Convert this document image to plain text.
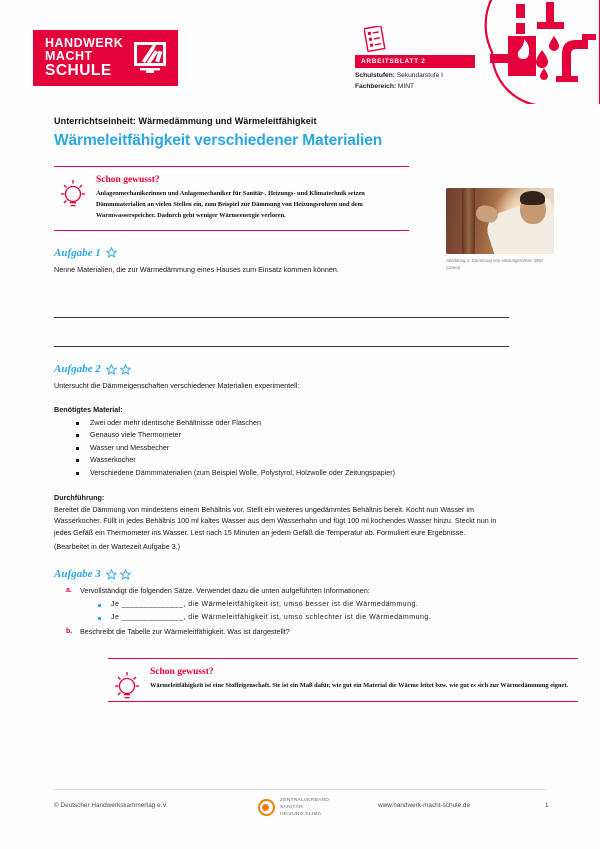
HANDWERK
MACHT
SCHULE
ARBEITSBLATT 2
Schulstufen: Sekundarstufe I
Fachbereich: MINT
Unterrichtseinheit: Wärmedämmung und Wärmeleitfähigkeit
Wärmeleitfähigkeit verschiedener Materialien
Schon gewusst?
Anlagenmechanikerinnen und Anlagemechaniker für Sanitär-, Heizungs- und Klimatechnik setzen Dämmmaterialien an vielen Stellen ein, zum Beispiel zur Dämmung von Heizungsrohren und dem Warmwasserspeicher. Dadurch geht weniger Wärmeenergie verloren.
Abbildung 1: Dämmung von Heizungsrohren (Bild: Canva)
Aufgabe 1
Nenne Materialien, die zur Wärmedämmung eines Hauses zum Einsatz kommen können.
Aufgabe 2
Untersucht die Dämmeigenschaften verschiedener Materialien experimentell:
Benötigtes Material:
Zwei oder mehr identische Behältnisse oder Flaschen
Genauso viele Thermometer
Wasser und Messbecher
Wasserkocher
Verschiedene Dämmmaterialien (zum Beispiel Wolle, Polystyrol, Holzwolle oder Zeitungspapier)
Durchführung:
Bereitet die Dämmung von mindestens einem Behältnis vor. Stellt ein weiteres ungedämmtes Behältnis bereit. Kocht nun Wasser im Wasserkocher. Füllt in jedes Behältnis 100 ml kaltes Wasser aus dem Wasserhahn und fügt 100 ml kochendes Wasser hinzu. Steckt nun in jedes Gefäß ein Thermometer ins Wasser. Lest nach 15 Minuten an jedem Gefäß die Temperatur ab. Formuliert eure Ergebnisse.
(Bearbeitet in der Wartezeit Aufgabe 3.)
Aufgabe 3
a. Vervollständigt die folgenden Sätze. Verwendet dazu die unten aufgeführten Informationen:
Je ______________, die Wärmeleitfähigkeit ist, umso besser ist die Wärmedämmung.
Je ______________, die Wärmeleitfähigkeit ist, umso schlechter ist die Wärmedämmung.
b. Beschreibt die Tabelle zur Wärmeleitfähigkeit. Was ist dargestellt?
Schon gewusst?
Wärmeleitfähigkeit ist eine Stoffeigenschaft. Sie ist ein Maß dafür, wie gut ein Material die Wärme leitet bzw. wie gut es sich zur Wärmedämmung eignet.
© Deutscher Handwerkskammertag e.V.
ZENTRALVERBAND
SANITÄR
HEIZUNG KLIMA
www.handwerk-macht-schule.de	1
